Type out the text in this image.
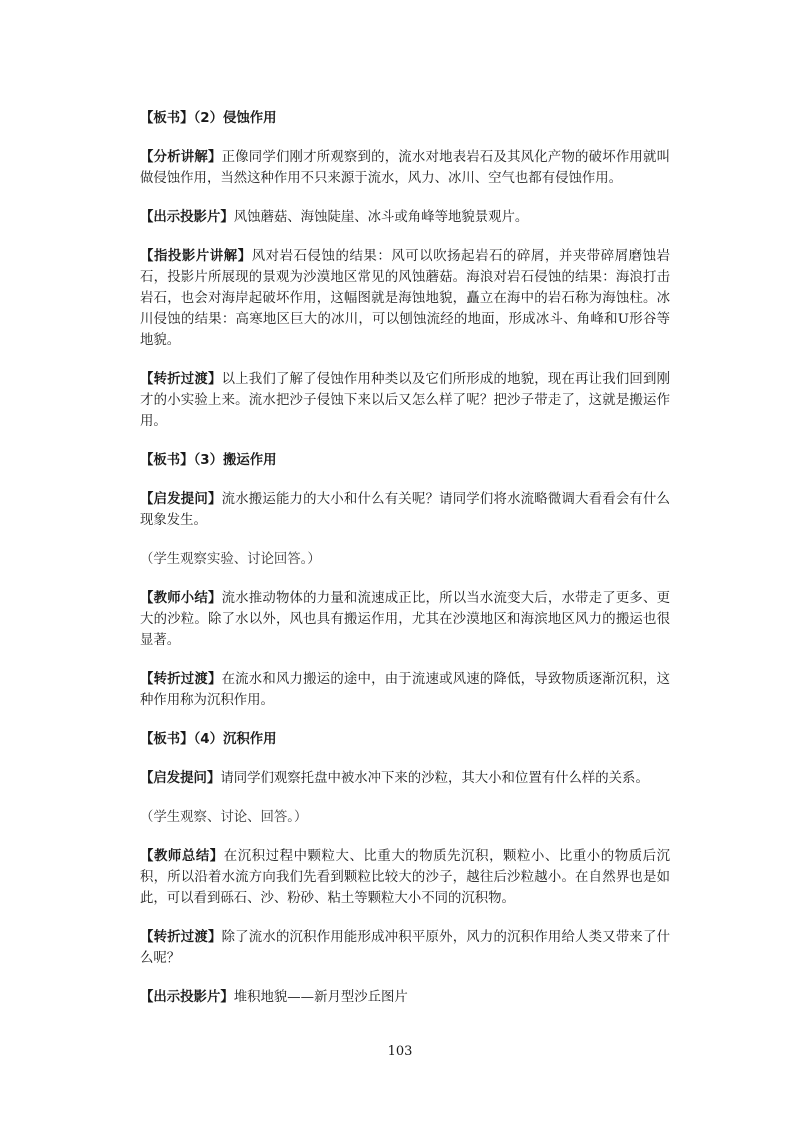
【板书】（2）侵蚀作用

【分析讲解】正像同学们刚才所观察到的，流水对地表岩石及其风化产物的破坏作用就叫做侵蚀作用，当然这种作用不只来源于流水，风力、冰川、空气也都有侵蚀作用。

【出示投影片】风蚀蘑菇、海蚀陡崖、冰斗或角峰等地貌景观片。

【指投影片讲解】风对岩石侵蚀的结果：风可以吹扬起岩石的碎屑，并夹带碎屑磨蚀岩石，投影片所展现的景观为沙漠地区常见的风蚀蘑菇。海浪对岩石侵蚀的结果：海浪打击岩石，也会对海岸起破坏作用，这幅图就是海蚀地貌，矗立在海中的岩石称为海蚀柱。冰川侵蚀的结果：高寒地区巨大的冰川，可以刨蚀流经的地面，形成冰斗、角峰和U形谷等地貌。

【转折过渡】以上我们了解了侵蚀作用种类以及它们所形成的地貌，现在再让我们回到刚才的小实验上来。流水把沙子侵蚀下来以后又怎么样了呢？把沙子带走了，这就是搬运作用。

【板书】（3）搬运作用

【启发提问】流水搬运能力的大小和什么有关呢？请同学们将水流略微调大看看会有什么现象发生。

（学生观察实验、讨论回答。）

【教师小结】流水推动物体的力量和流速成正比，所以当水流变大后，水带走了更多、更大的沙粒。除了水以外，风也具有搬运作用，尤其在沙漠地区和海滨地区风力的搬运也很显著。

【转折过渡】在流水和风力搬运的途中，由于流速或风速的降低，导致物质逐渐沉积，这种作用称为沉积作用。

【板书】（4）沉积作用

【启发提问】请同学们观察托盘中被水冲下来的沙粒，其大小和位置有什么样的关系。

（学生观察、讨论、回答。）

【教师总结】在沉积过程中颗粒大、比重大的物质先沉积，颗粒小、比重小的物质后沉积，所以沿着水流方向我们先看到颗粒比较大的沙子，越往后沙粒越小。在自然界也是如此，可以看到砾石、沙、粉砂、粘土等颗粒大小不同的沉积物。

【转折过渡】除了流水的沉积作用能形成冲积平原外，风力的沉积作用给人类又带来了什么呢？

【出示投影片】堆积地貌——新月型沙丘图片

103
